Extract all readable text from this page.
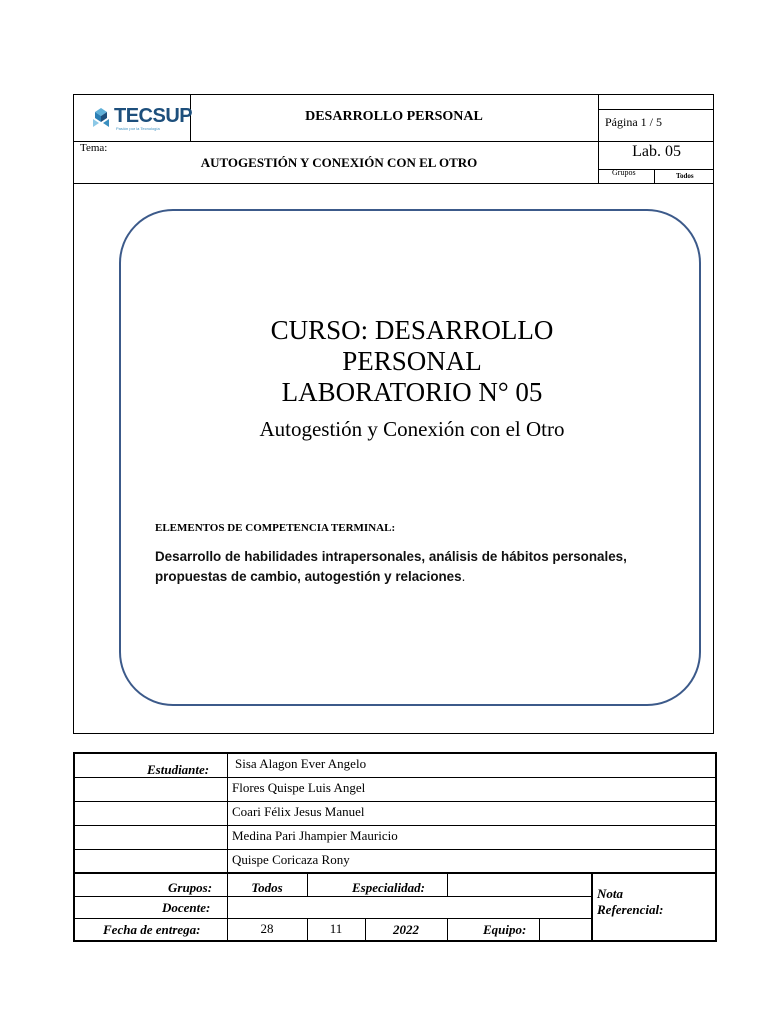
TECSUP
Pasión por la Tecnología
DESARROLLO PERSONAL	Página 1 / 5
Tema:
AUTOGESTIÓN Y CONEXIÓN CON EL OTRO
Lab. 05
Grupos	Todos
CURSO: DESARROLLO
PERSONAL
LABORATORIO N° 05
Autogestión y Conexión con el Otro
ELEMENTOS DE COMPETENCIA TERMINAL:
Desarrollo de habilidades intrapersonales, análisis de hábitos personales, propuestas de cambio, autogestión y relaciones.
Estudiante: Sisa Alagon Ever Angelo
Flores Quispe Luis Angel
Coari Félix Jesus Manuel
Medina Pari Jhampier Mauricio
Quispe Coricaza Rony
Grupos:	Todos	Especialidad:
Docente:
Fecha de entrega:	28	11	2022	Equipo:
Nota
Referencial:
